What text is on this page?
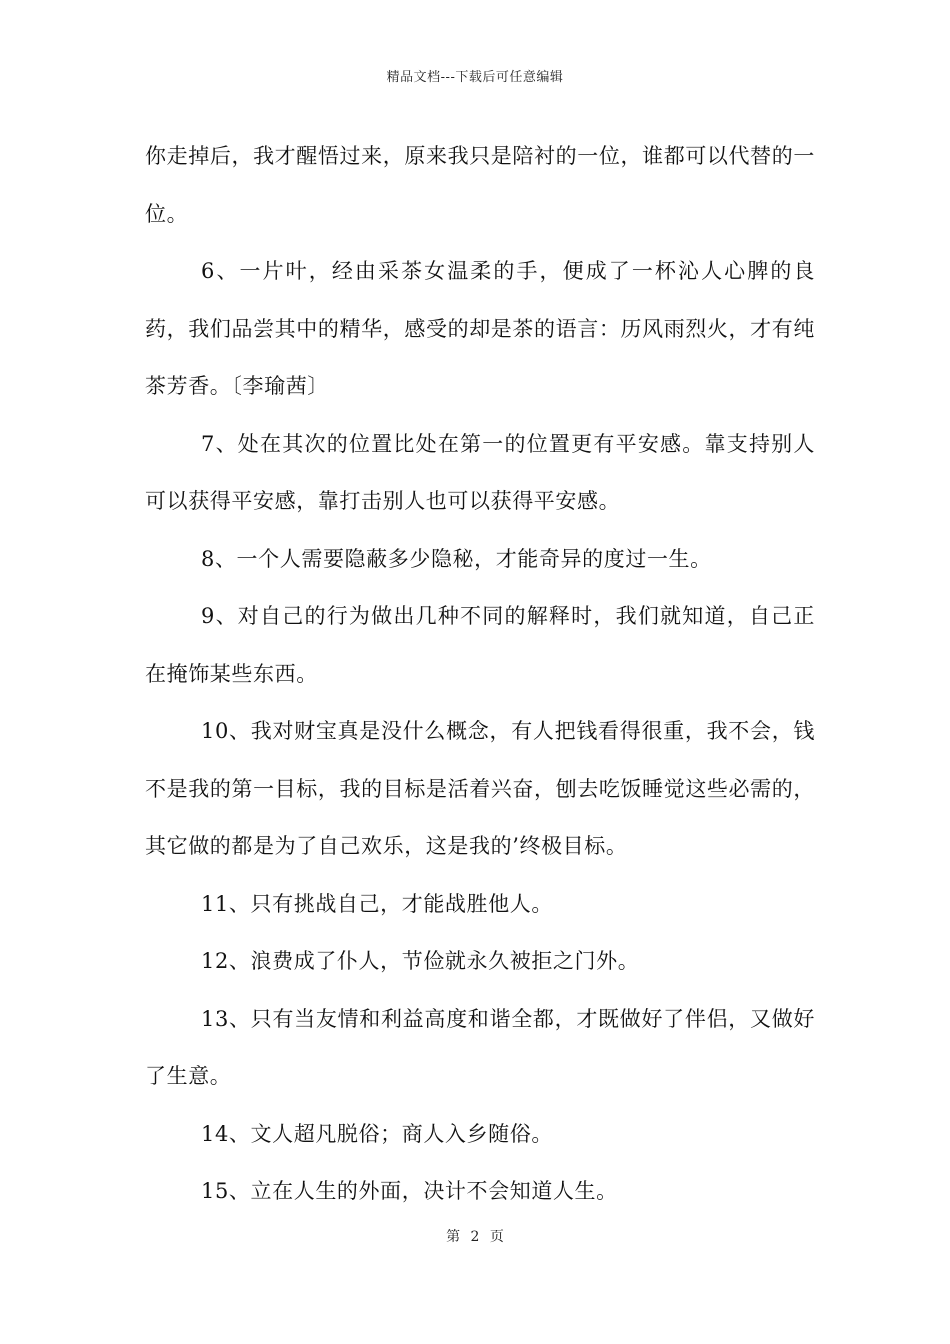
精品文档---下载后可任意编辑

你走掉后，我才醒悟过来，原来我只是陪衬的一位，谁都可以代替的一位。

6、一片叶，经由采茶女温柔的手，便成了一杯沁人心脾的良药，我们品尝其中的精华，感受的却是茶的语言：历风雨烈火，才有纯茶芳香。〔李瑜茜〕

7、处在其次的位置比处在第一的位置更有平安感。靠支持别人可以获得平安感，靠打击别人也可以获得平安感。

8、一个人需要隐蔽多少隐秘，才能奇异的度过一生。

9、对自己的行为做出几种不同的解释时，我们就知道，自己正在掩饰某些东西。

10、我对财宝真是没什么概念，有人把钱看得很重，我不会，钱不是我的第一目标，我的目标是活着兴奋，刨去吃饭睡觉这些必需的，其它做的都是为了自己欢乐，这是我的’终极目标。

11、只有挑战自己，才能战胜他人。

12、浪费成了仆人，节俭就永久被拒之门外。

13、只有当友情和利益高度和谐全都，才既做好了伴侣，又做好了生意。

14、文人超凡脱俗；商人入乡随俗。

15、立在人生的外面，决计不会知道人生。

第 2 页
